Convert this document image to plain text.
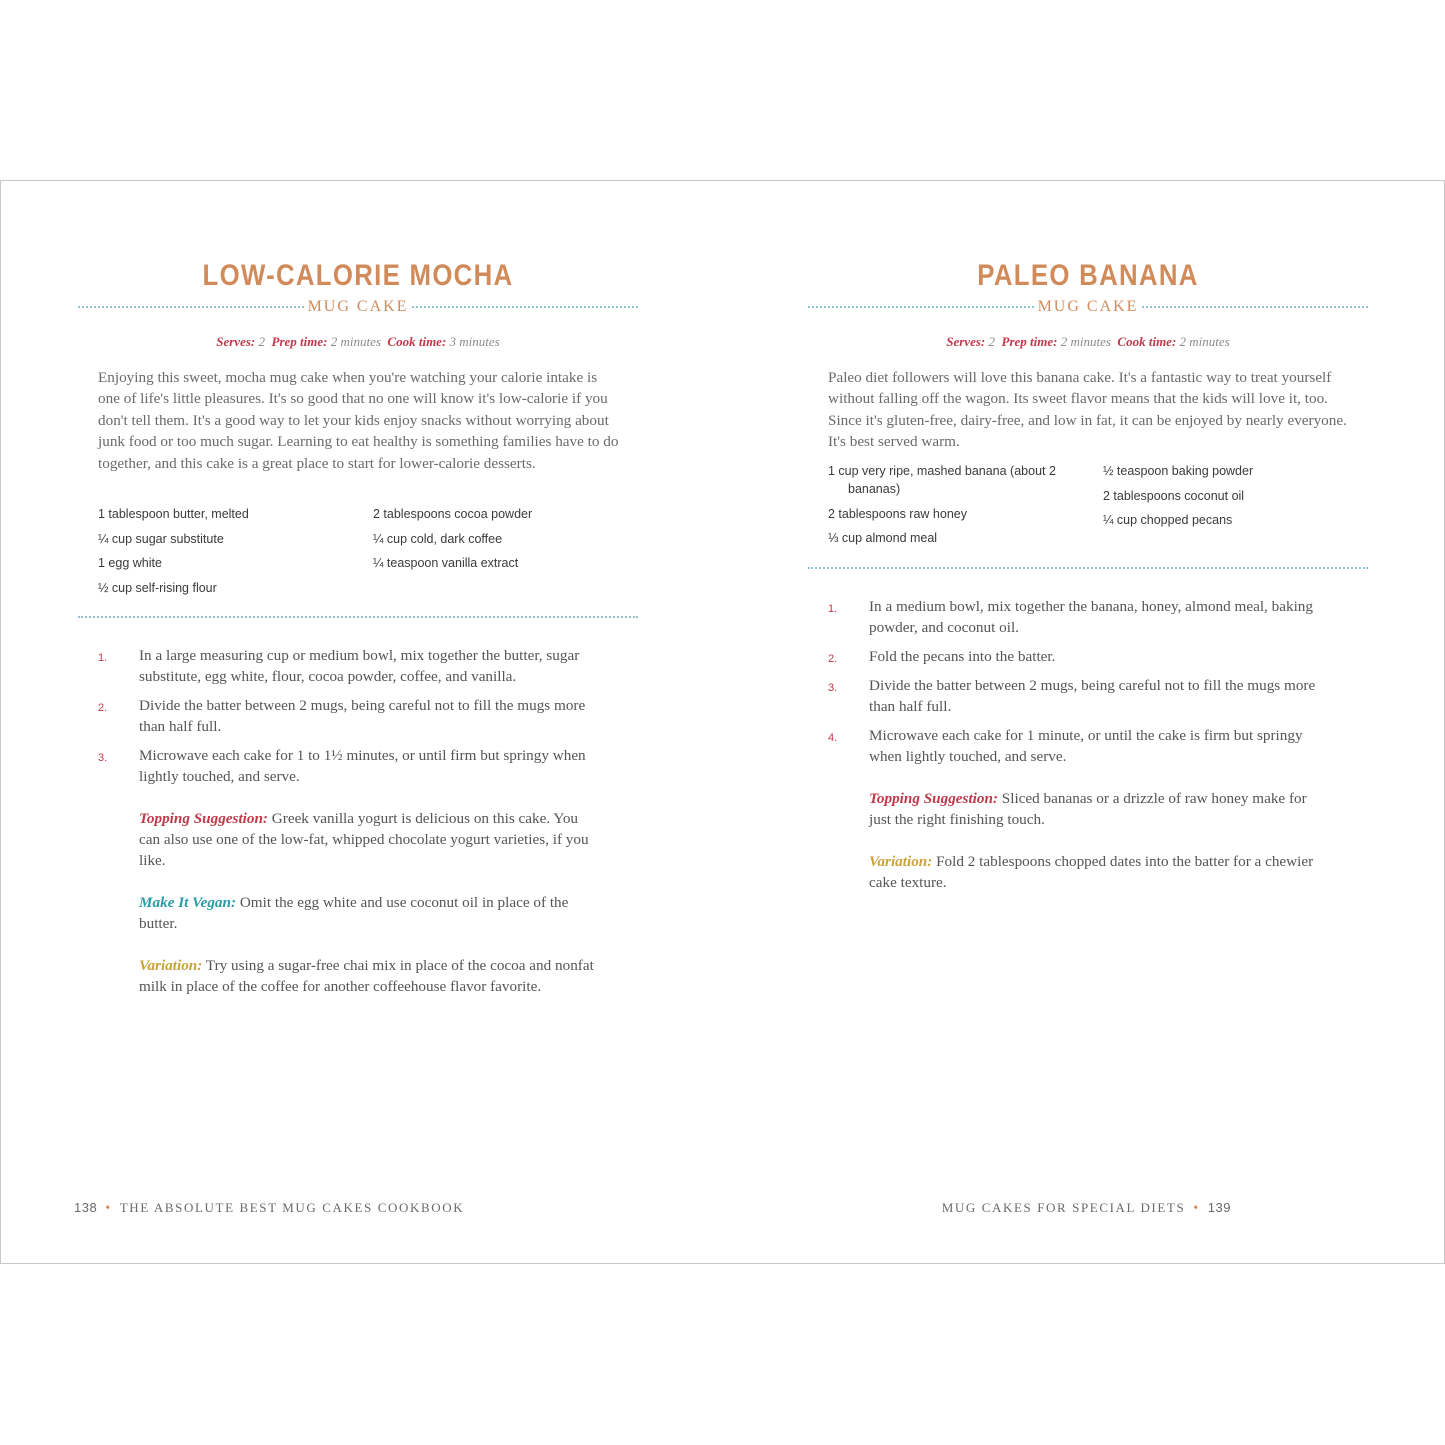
LOW-CALORIE MOCHA
MUG CAKE
Serves: 2 Prep time: 2 minutes Cook time: 3 minutes

Enjoying this sweet, mocha mug cake when you're watching your calorie intake is one of life's little pleasures. It's so good that no one will know it's low-calorie if you don't tell them. It's a good way to let your kids enjoy snacks without worrying about junk food or too much sugar. Learning to eat healthy is something families have to do together, and this cake is a great place to start for lower-calorie desserts.

1 tablespoon butter, melted
¼ cup sugar substitute
1 egg white
½ cup self-rising flour
2 tablespoons cocoa powder
¼ cup cold, dark coffee
¼ teaspoon vanilla extract
1. In a large measuring cup or medium bowl, mix together the butter, sugar substitute, egg white, flour, cocoa powder, coffee, and vanilla.
2. Divide the batter between 2 mugs, being careful not to fill the mugs more than half full.
3. Microwave each cake for 1 to 1½ minutes, or until firm but springy when lightly touched, and serve.
Topping Suggestion: Greek vanilla yogurt is delicious on this cake. You can also use one of the low-fat, whipped chocolate yogurt varieties, if you like.
Make It Vegan: Omit the egg white and use coconut oil in place of the butter.
Variation: Try using a sugar-free chai mix in place of the cocoa and nonfat milk in place of the coffee for another coffeehouse flavor favorite.
PALEO BANANA
MUG CAKE
Serves: 2 Prep time: 2 minutes Cook time: 2 minutes

Paleo diet followers will love this banana cake. It's a fantastic way to treat yourself without falling off the wagon. Its sweet flavor means that the kids will love it, too. Since it's gluten-free, dairy-free, and low in fat, it can be enjoyed by nearly everyone. It's best served warm.

1 cup very ripe, mashed banana (about 2 bananas)
2 tablespoons raw honey
⅓ cup almond meal
½ teaspoon baking powder
2 tablespoons coconut oil
¼ cup chopped pecans
1. In a medium bowl, mix together the banana, honey, almond meal, baking powder, and coconut oil.
2. Fold the pecans into the batter.
3. Divide the batter between 2 mugs, being careful not to fill the mugs more than half full.
4. Microwave each cake for 1 minute, or until the cake is firm but springy when lightly touched, and serve.
Topping Suggestion: Sliced bananas or a drizzle of raw honey make for just the right finishing touch.
Variation: Fold 2 tablespoons chopped dates into the batter for a chewier cake texture.
138 • THE ABSOLUTE BEST MUG CAKES COOKBOOK	MUG CAKES FOR SPECIAL DIETS • 139
